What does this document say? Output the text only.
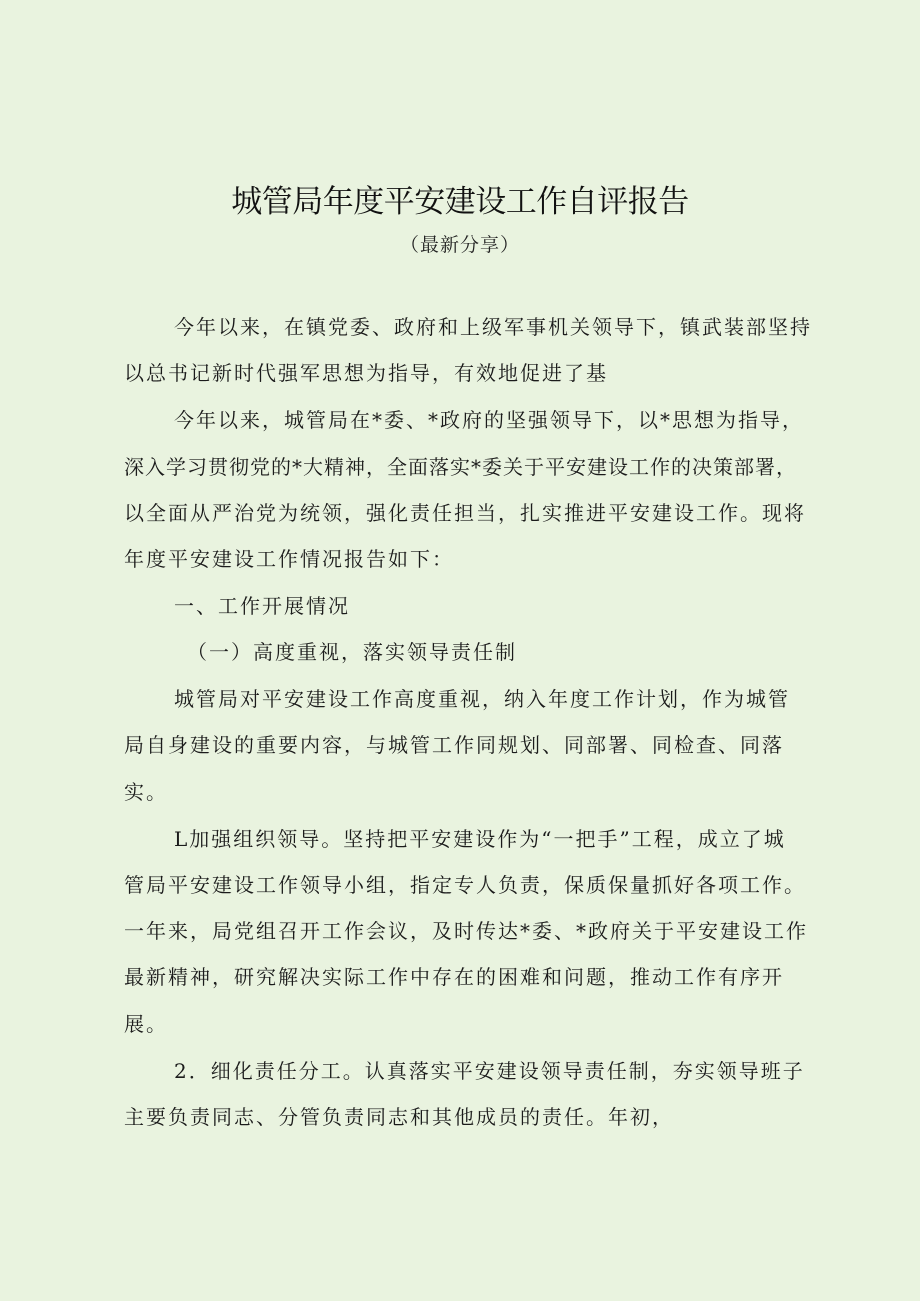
城管局年度平安建设工作自评报告
（最新分享）
今年以来，在镇党委、政府和上级军事机关领导下，镇武装部坚持
以总书记新时代强军思想为指导，有效地促进了基
今年以来，城管局在*委、*政府的坚强领导下，以*思想为指导，
深入学习贯彻党的*大精神，全面落实*委关于平安建设工作的决策部署，
以全面从严治党为统领，强化责任担当，扎实推进平安建设工作。现将
年度平安建设工作情况报告如下：
一、工作开展情况
（一）高度重视，落实领导责任制
城管局对平安建设工作高度重视，纳入年度工作计划，作为城管
局自身建设的重要内容，与城管工作同规划、同部署、同检查、同落
实。
L加强组织领导。坚持把平安建设作为“一把手”工程，成立了城
管局平安建设工作领导小组，指定专人负责，保质保量抓好各项工作。
一年来，局党组召开工作会议，及时传达*委、*政府关于平安建设工作
最新精神，研究解决实际工作中存在的困难和问题，推动工作有序开
展。
2．细化责任分工。认真落实平安建设领导责任制，夯实领导班子
主要负责同志、分管负责同志和其他成员的责任。年初，
